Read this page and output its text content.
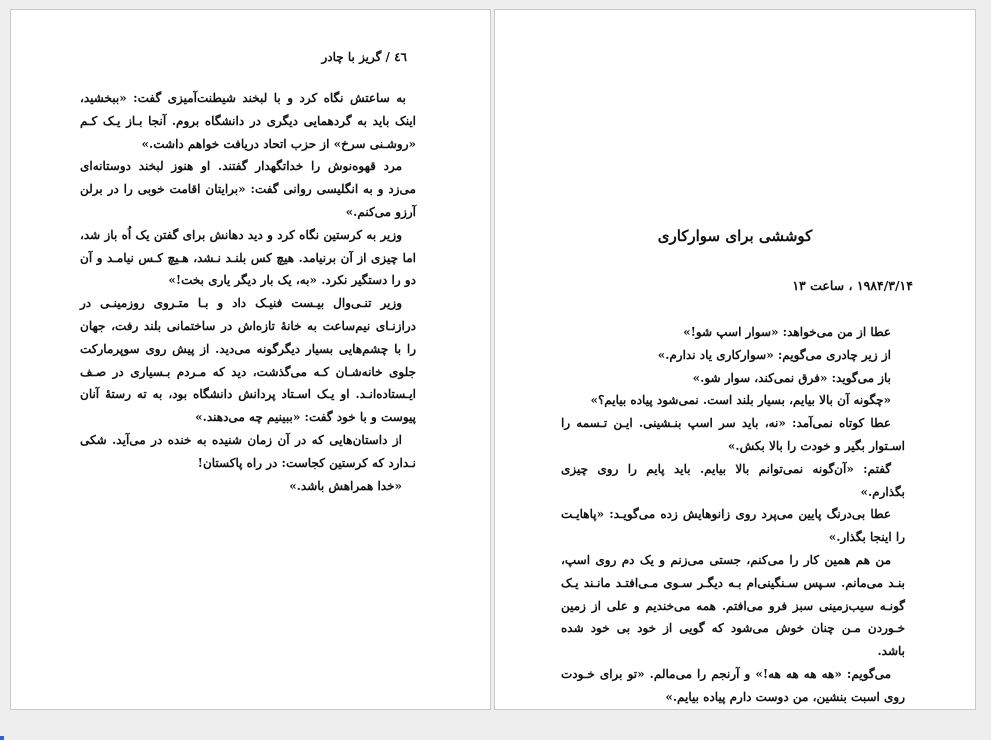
٤٦ / گریز با چادر

به ساعتش نگاه کرد و با لبخند شیطنت‌آمیزی گفت: «ببخشید، اینک باید به گردهمایی دیگری در دانشگاه بروم. آنجا بـاز یـک کـم «روشـنی سرخ» از حزب اتحاد دریافت خواهم داشت.»

مرد قهوه‌نوش را خداتگهدار گفتند. او هنوز لبخند دوستانه‌ای می‌زد و به انگلیسی روانی گفت: «برایتان اقامت خوبی را در برلن آرزو می‌کنم.»

وزیر به کرستین نگاه کرد و دید دهانش برای گفتن یک اُه باز شد، اما چیزی از آن برنیامد. هیچ کس بلنـد نـشد، هـیچ کـس نیامـد و آن دو را دستگیر نکرد. «به، یک بار دیگر یاری بخت!»

وزیر تنـی‌وال بیـست فنیـک داد و بـا متـروی روزمینـی در درازنـای نیم‌ساعت به خانهٔ تازه‌اش در ساختمانی بلند رفت، جهان را با چشم‌هایی بسیار دیگرگونه می‌دید. از پیش روی سوپرمارکت جلوی خانه‌شـان کـه می‌گذشت، دید که مـردم بـسیاری در صـف ایـستاده‌انـد. او یـک اسـتاد پردانش دانشگاه بود، به ته رستهٔ آنان پیوست و با خود گفت: «ببینیم چه می‌دهند.»

از داستان‌هایی که در آن زمان شنیده به خنده در می‌آید. شکی نـدارد که کرستین کجاست: در راه پاکستان!

«خدا همراهش باشد.»

کوششی برای سوارکاری
۱۹۸۴/۳/۱۴ ، ساعت ۱۳

عطا از من می‌خواهد: «سوار اسپ شو!»

از زیر چادری می‌گویم: «سوارکاری یاد ندارم.»

باز می‌گوید: «فرق نمی‌کند، سوار شو.»

«چگونه آن بالا بیایم، بسیار بلند است. نمی‌شود پیاده بیایم؟»

عطا کوتاه نمی‌آمد: «نه، باید سر اسپ بنـشینی. ایـن تـسمه را اسـتوار بگیر و خودت را بالا بکش.»

گفتم: «آن‌گونه نمی‌توانم بالا بیایم. باید پایم را روی چیزی بگذارم.»

عطا بی‌درنگ پایین می‌پرد روی زانوهایش زده می‌گویـد: «پاهایـت را اینجا بگذار.»

من هم همین کار را می‌کنم، جستی می‌زنم و یک دم روی اسپ، بنـد می‌مانم. سـپس سـنگینی‌ام بـه دیگـر سـوی مـی‌افتـد مانـند یـک گونـه سیب‌زمینی سبز فرو می‌افتم. همه می‌خندیم و علی از زمین خـوردن مـن چنان خوش می‌شود که گویی از خود بی خود شده باشد.

می‌گویم: «هه هه هه هه!» و آرنجم را می‌مالم. «تو برای خـودت روی اسبت بنشین، من دوست دارم پیاده بیایم.»
